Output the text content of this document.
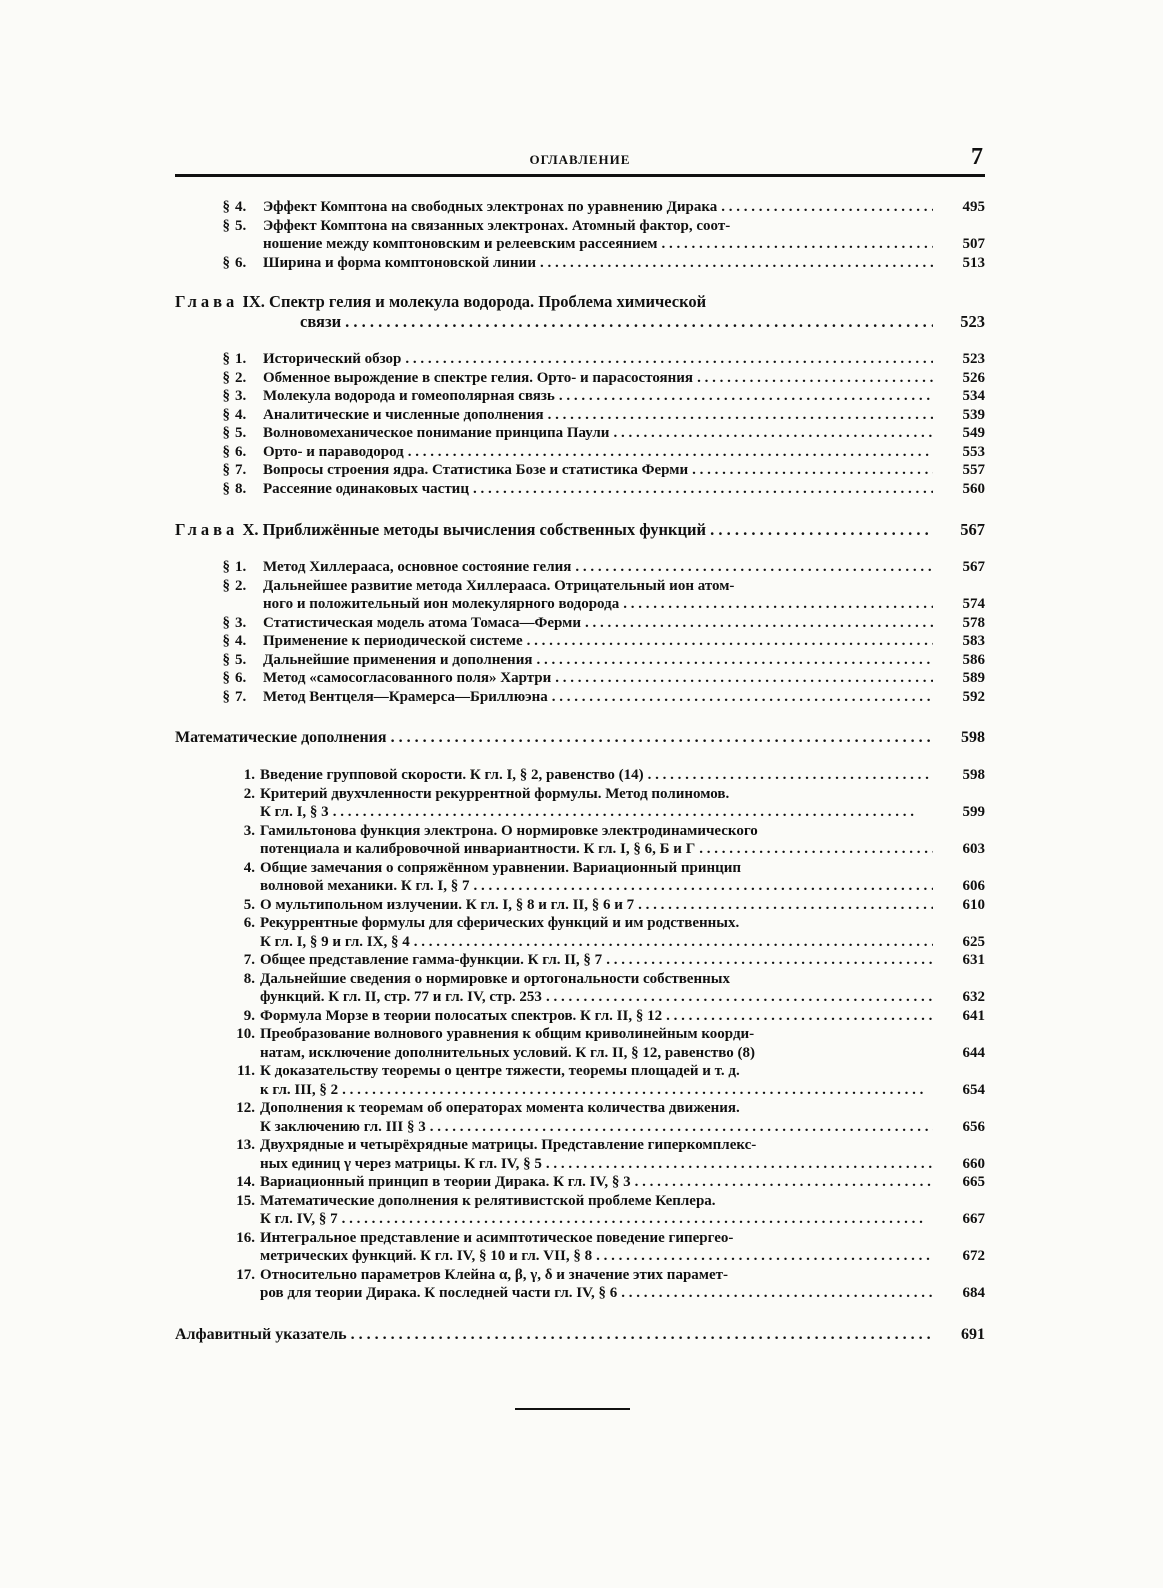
ОГЛАВЛЕНИЕ	7
§ 4.	Эффект Комптона на свободных электронах по уравнению Дирака . . .	495
§ 5.	Эффект Комптона на связанных электронах. Атомный фактор, соот-
ношение между комптоновским и релеевским рассеянием . . .	507
§ 6.	Ширина и форма комптоновской линии . . .	513
Глава IX. Спектр гелия и молекула водорода. Проблема химической
связи . . .	523
§ 1.	Исторический обзор . . .	523
§ 2.	Обменное вырождение в спектре гелия. Орто- и парасостояния . . .	526
§ 3.	Молекула водорода и гомеополярная связь . . .	534
§ 4.	Аналитические и численные дополнения . . .	539
§ 5.	Волновомеханическое понимание принципа Паули . . .	549
§ 6.	Орто- и параводород . . .	553
§ 7.	Вопросы строения ядра. Статистика Бозе и статистика Ферми . . .	557
§ 8.	Рассеяние одинаковых частиц . . .	560
Глава X. Приближённые методы вычисления собственных функций . . .	567
§ 1.	Метод Хиллерааса, основное состояние гелия . . .	567
§ 2.	Дальнейшее развитие метода Хиллерааса. Отрицательный ион атом-
ного и положительный ион молекулярного водорода . . .	574
§ 3.	Статистическая модель атома Томаса—Ферми . . .	578
§ 4.	Применение к периодической системе . . .	583
§ 5.	Дальнейшие применения и дополнения . . .	586
§ 6.	Метод «самосогласованного поля» Хартри . . .	589
§ 7.	Метод Вентцеля—Крамерса—Бриллюэна . . .	592
Математические дополнения . . .	598
1. Введение групповой скорости. К гл. I, § 2, равенство (14) . . .	598
2. Критерий двухчленности рекуррентной формулы. Метод полиномов.
К гл. I, § 3 . . .	599
3. Гамильтонова функция электрона. О нормировке электродинамического
потенциала и калибровочной инвариантности. К гл. I, § 6, Б и Г . . .	603
4. Общие замечания о сопряжённом уравнении. Вариационный принцип
волновой механики. К гл. I, § 7 . . .	606
5. О мультипольном излучении. К гл. I, § 8 и гл. II, § 6 и 7 . . .	610
6. Рекуррентные формулы для сферических функций и им родственных.
К гл. I, § 9 и гл. IX, § 4 . . .	625
7. Общее представление гамма-функции. К гл. II, § 7 . . .	631
8. Дальнейшие сведения о нормировке и ортогональности собственных
функций. К гл. II, стр. 77 и гл. IV, стр. 253 . . .	632
9. Формула Морзе в теории полосатых спектров. К гл. II, § 12 . . .	641
10. Преобразование волнового уравнения к общим криволинейным коорди-
натам, исключение дополнительных условий. К гл. II, § 12, равенство (8)	644
11. К доказательству теоремы о центре тяжести, теоремы площадей и т. д.
к гл. III, § 2 . . .	654
12. Дополнения к теоремам об операторах момента количества движения.
К заключению гл. III § 3 . . .	656
13. Двухрядные и четырёхрядные матрицы. Представление гиперкомплекс-
ных единиц γ через матрицы. К гл. IV, § 5 . . .	660
14. Вариационный принцип в теории Дирака. К гл. IV, § 3 . . .	665
15. Математические дополнения к релятивистской проблеме Кеплера.
К гл. IV, § 7 . . .	667
16. Интегральное представление и асимптотическое поведение гипергео-
метрических функций. К гл. IV, § 10 и гл. VII, § 8 . . .	672
17. Относительно параметров Клейна α, β, γ, δ и значение этих парамет-
ров для теории Дирака. К последней части гл. IV, § 6 . . .	684
Алфавитный указатель . . .	691
